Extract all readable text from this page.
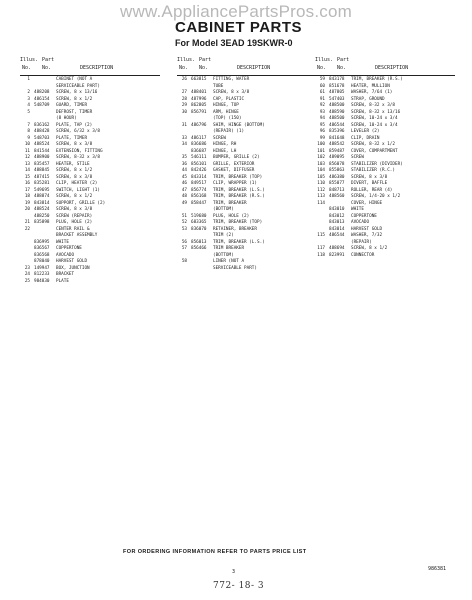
www.AppliancePartsPros.com
CABINET PARTS
For Model 3EAD 19SKWR-0
Illus. Part
No. No.	DESCRIPTION
1	CABINET (NOT A
SERVICEABLE PART)
2 488208 SCREW, 8 x 13/16
3 486154 SCREW, 8 x 1/2
4 548709 GUARD, TIMER
5	DEFROST, TIMER
(8 HOUR)
7 836162 PLATE, TAP (2)
8 488428 SCREW, 6/32 x 3/8
9 548703 PLATE, TIMER
10 488524 SCREW, 8 x 3/8
11 841544 EXTENSION, FITTING
12 488900 SCREW, 8-32 x 3/8
13 835457 HEATER, STILE
14 488845 SCREW, 8 x 1/2
15 487415 SCREW, 8 x 3/8
16 835281 CLIP, HEATER (2)
17 549695 SWITCH, LIGHT (1)
18 488874 SCREW, 8 x 1/2
19 843814 SUPPORT, GRILLE (2)
20 488524 SCREW, 8 x 3/8
488250 SCREW (REPAIR)
21 835898 PLUG, HOLE (2)
22	CENTER RAIL &
BRACKET ASSEMBLY
836995 WHITE
836567 COPPERTONE
836568 AVOCADO
878040 HARVEST GOLD
23 149947 BOX, JUNCTION
24 812233 BRACKET
25 984830 PLATE
Illus. Part
No. No.	DESCRIPTION
26 663815 FITTING, WATER
TUBE
27 488401 SCREW, 8 x 3/8
28 487996 CAP, PLASTIC
29 862805 HINGE, TOP
30 856791 ARM, HINGE
(TOP) (150)
31 486796 SHIM, HINGE (BOTTOM)
(REPAIR) (1)
33 486117 SCREW
34 836686 HINGE, RH
836687 HINGE, LH
35 546111 BUMPER, GRILLE (2)
36 856101 GRILLE, EXTERIOR
44 842426 GASKET, DIFFUSER
45 843314 TRIM, BREAKER (TOP)
46 849517 CLIP, WRAPPER (1)
47 856774 TRIM, BREAKER (L.S.)
48 856168 TRIM, BREAKER (R.S.)
49 858447 TRIM, BREAKER
(BOTTOM)
51 519680 PLUG, HOLE (2)
52 683365 TRIM, BREAKER (TOP)
53 836070 RETAINER, BREAKER
TRIM (2)
56 856013 TRIM, BREAKER (L.S.)
57 856466 TRIM BREAKER
(BOTTOM)
58	LINER (NOT A
SERVICEABLE PART)
Illus. Part
No. No.	DESCRIPTION
59 843178 TRIM, BREAKER (R.S.)
60 851678 HEATER, MULLION
61 487805 WASHER, 7/64 (1)
91 547403 STRAP, GROUND
92 488500 SCREW, 8-32 x 3/8
93 488590 SCREW, 8-32 x 13/16
94 488500 SCREW, 10-24 x 3/4
95 486544 SCREW, 10-24 x 3/4
96 835396 LEVELER (2)
99 841648 CLIP, DRAIN
100 488542 SCREW, 8-32 x 1/2
101 859487 COVER, COMPARTMENT
102 489095 SCREW
103 856078 STABILIZER (DIVIDER)
104 855863 STABILIZER (R.C.)
105 486380 SCREW, 8 x 3/8
110 855077 DIVERT, BAFFLE
112 848713 ROLLER, REAR (4)
113 488560 SCREW, 1/4-20 x 1/2
114	COVER, HINGE
843010 WHITE
843012 COPPERTONE
843013 AVOCADO
843014 HARVEST GOLD
115 486544 WASHER, 7/32
(REPAIR)
117 488694 SCREW, 8 x 1/2
118 823991 CONNECTOR
FOR ORDERING INFORMATION REFER TO PARTS PRICE LIST
3	986381
772- 18- 3
